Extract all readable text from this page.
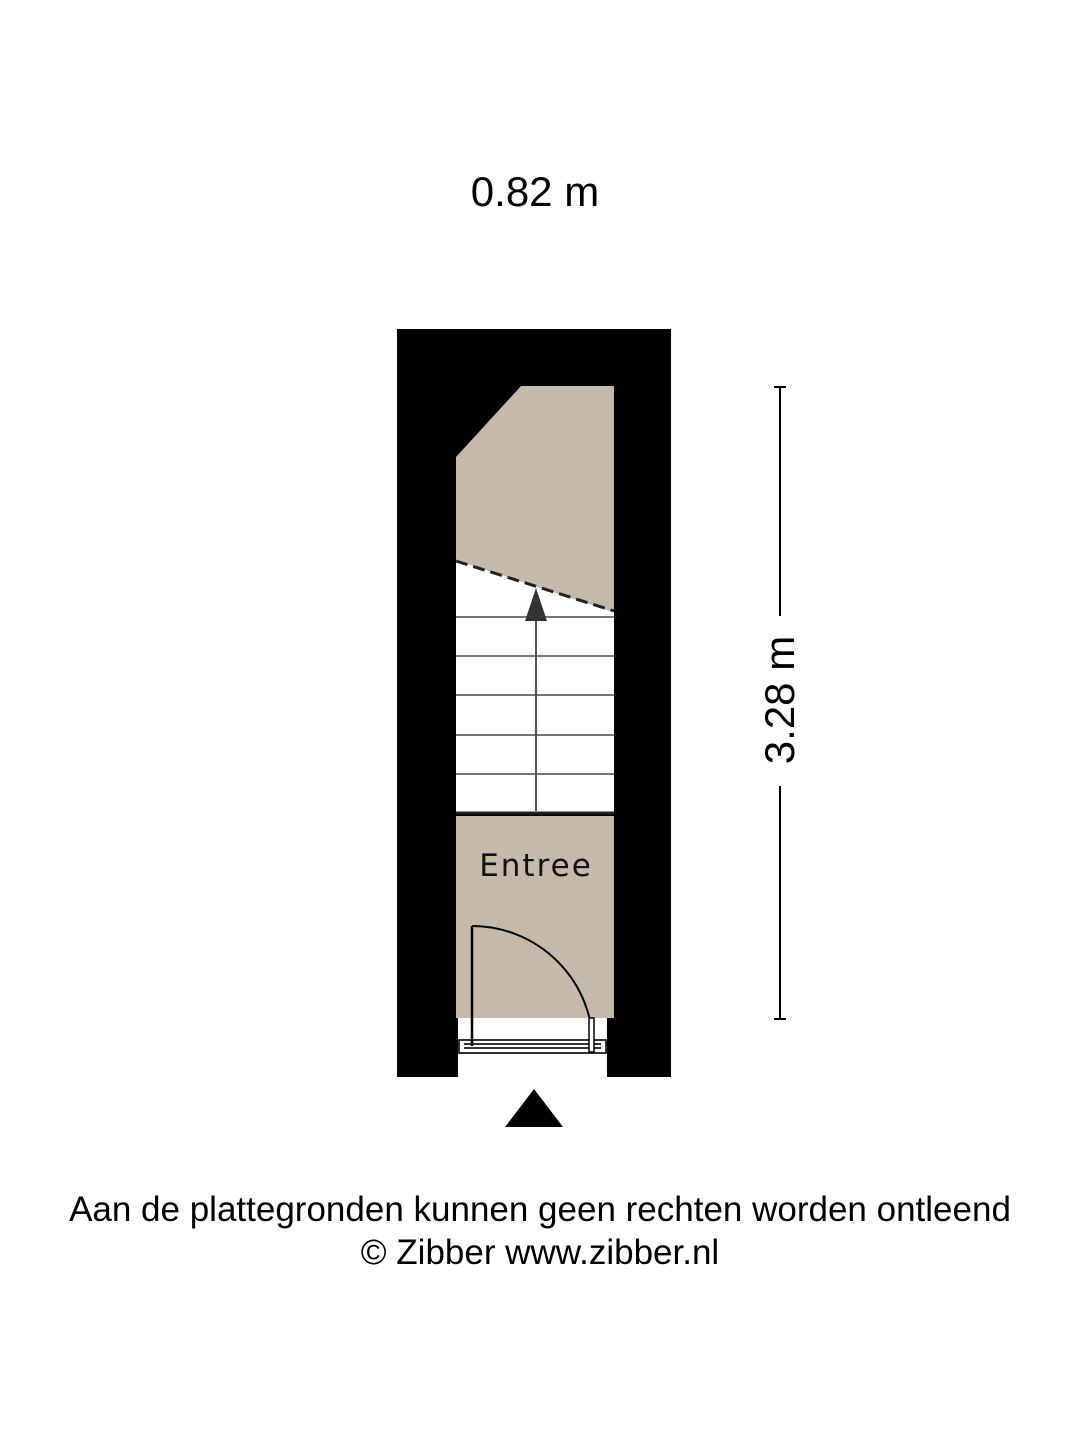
0.82 m
3.28 m
Entree
Aan de plattegronden kunnen geen rechten worden ontleend
© Zibber www.zibber.nl
